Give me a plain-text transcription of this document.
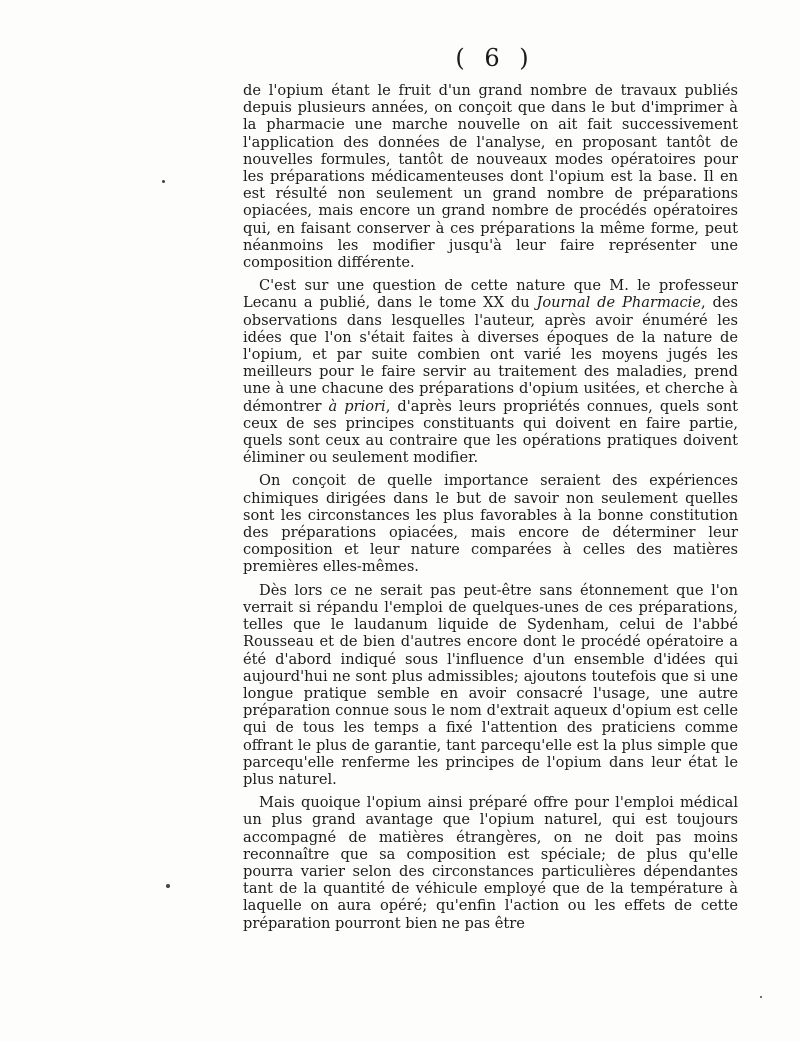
( 6 )

de l'opium étant le fruit d'un grand nombre de travaux publiés depuis plusieurs années, on conçoit que dans le but d'imprimer à la pharmacie une marche nouvelle on ait fait successivement l'application des données de l'analyse, en proposant tantôt de nouvelles formules, tantôt de nouveaux modes opératoires pour les préparations médicamenteuses dont l'opium est la base. Il en est résulté non seulement un grand nombre de préparations opiacées, mais encore un grand nombre de procédés opératoires qui, en faisant conserver à ces préparations la même forme, peut néanmoins les modifier jusqu'à leur faire représenter une composition différente.

C'est sur une question de cette nature que M. le professeur Lecanu a publié, dans le tome XX du Journal de Pharmacie, des observations dans lesquelles l'auteur, après avoir énuméré les idées que l'on s'était faites à diverses époques de la nature de l'opium, et par suite combien ont varié les moyens jugés les meilleurs pour le faire servir au traitement des maladies, prend une à une chacune des préparations d'opium usitées, et cherche à démontrer à priori, d'après leurs propriétés connues, quels sont ceux de ses principes constituants qui doivent en faire partie, quels sont ceux au contraire que les opérations pratiques doivent éliminer ou seulement modifier.

On conçoit de quelle importance seraient des expériences chimiques dirigées dans le but de savoir non seulement quelles sont les circonstances les plus favorables à la bonne constitution des préparations opiacées, mais encore de déterminer leur composition et leur nature comparées à celles des matières premières elles-mêmes.

Dès lors ce ne serait pas peut-être sans étonnement que l'on verrait si répandu l'emploi de quelques-unes de ces préparations, telles que le laudanum liquide de Sydenham, celui de l'abbé Rousseau et de bien d'autres encore dont le procédé opératoire a été d'abord indiqué sous l'influence d'un ensemble d'idées qui aujourd'hui ne sont plus admissibles; ajoutons toutefois que si une longue pratique semble en avoir consacré l'usage, une autre préparation connue sous le nom d'extrait aqueux d'opium est celle qui de tous les temps a fixé l'attention des praticiens comme offrant le plus de garantie, tant parcequ'elle est la plus simple que parcequ'elle renferme les principes de l'opium dans leur état le plus naturel.

Mais quoique l'opium ainsi préparé offre pour l'emploi médical un plus grand avantage que l'opium naturel, qui est toujours accompagné de matières étrangères, on ne doit pas moins reconnaître que sa composition est spéciale; de plus qu'elle pourra varier selon des circonstances particulières dépendantes tant de la quantité de véhicule employé que de la température à laquelle on aura opéré; qu'enfin l'action ou les effets de cette préparation pourront bien ne pas être
